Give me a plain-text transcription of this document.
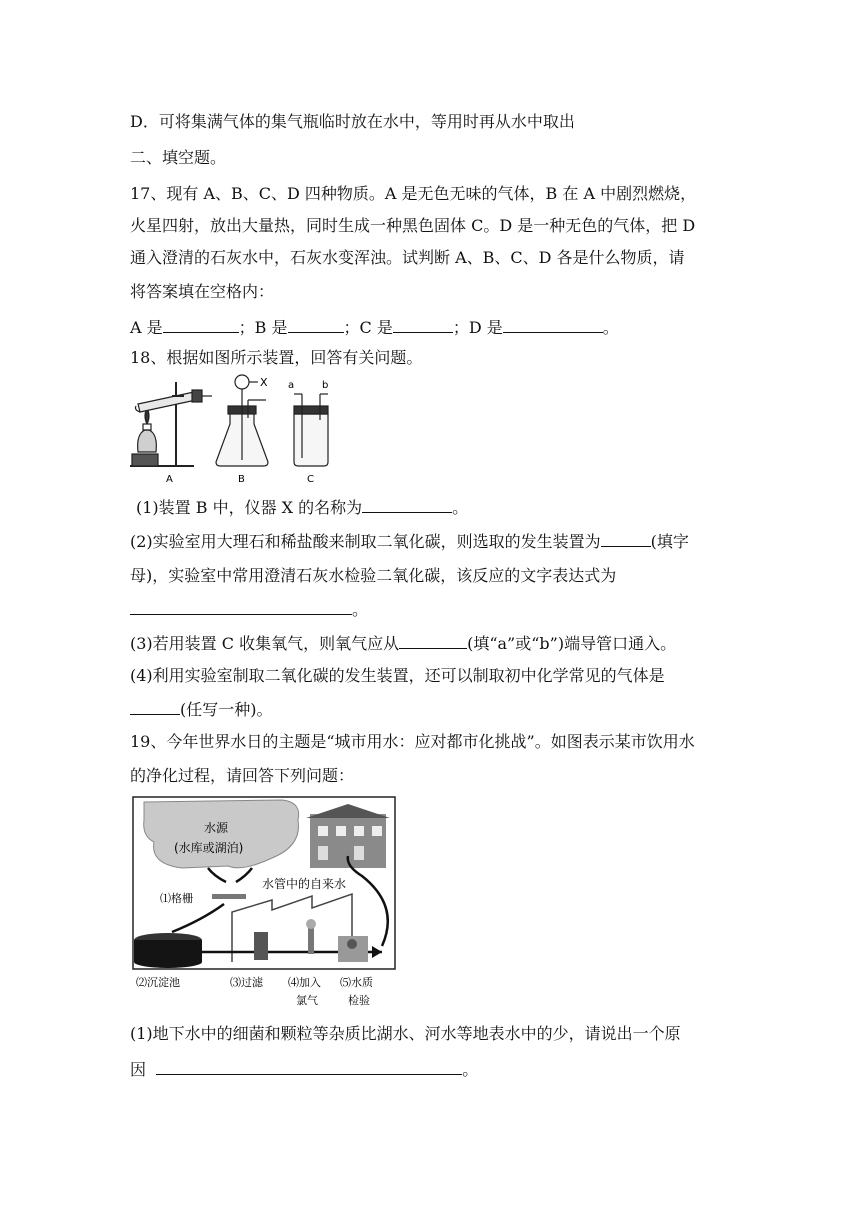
D．可将集满气体的集气瓶临时放在水中，等用时再从水中取出
二、填空题。
17、现有 A、B、C、D 四种物质。A 是无色无味的气体，B 在 A 中剧烈燃烧，
火星四射，放出大量热，同时生成一种黑色固体 C。D 是一种无色的气体，把 D
通入澄清的石灰水中，石灰水变浑浊。试判断 A、B、C、D 各是什么物质，请
将答案填在空格内：
A 是	；B 是	；C 是	；D 是	。
18、根据如图所示装置，回答有关问题。
A	B	C
X a	b
(1)装置 B 中，仪器 X 的名称为	。
(2)实验室用大理石和稀盐酸来制取二氧化碳，则选取的发生装置为	(填字
母)，实验室中常用澄清石灰水检验二氧化碳，该反应的文字表达式为
。
(3)若用装置 C 收集氧气，则氧气应从	(填“a”或“b”)端导管口通入。
(4)利用实验室制取二氧化碳的发生装置，还可以制取初中化学常见的气体是
(任写一种)。
19、今年世界水日的主题是“城市用水：应对都市化挑战”。如图表示某市饮用水
的净化过程，请回答下列问题：
水源
(水库或湖泊)
水管中的自来水
⑴格栅
⑵沉淀池	⑶过滤 ⑷加入
氯气
⑸水质
检验
(1)地下水中的细菌和颗粒等杂质比湖水、河水等地表水中的少，请说出一个原
因	。
